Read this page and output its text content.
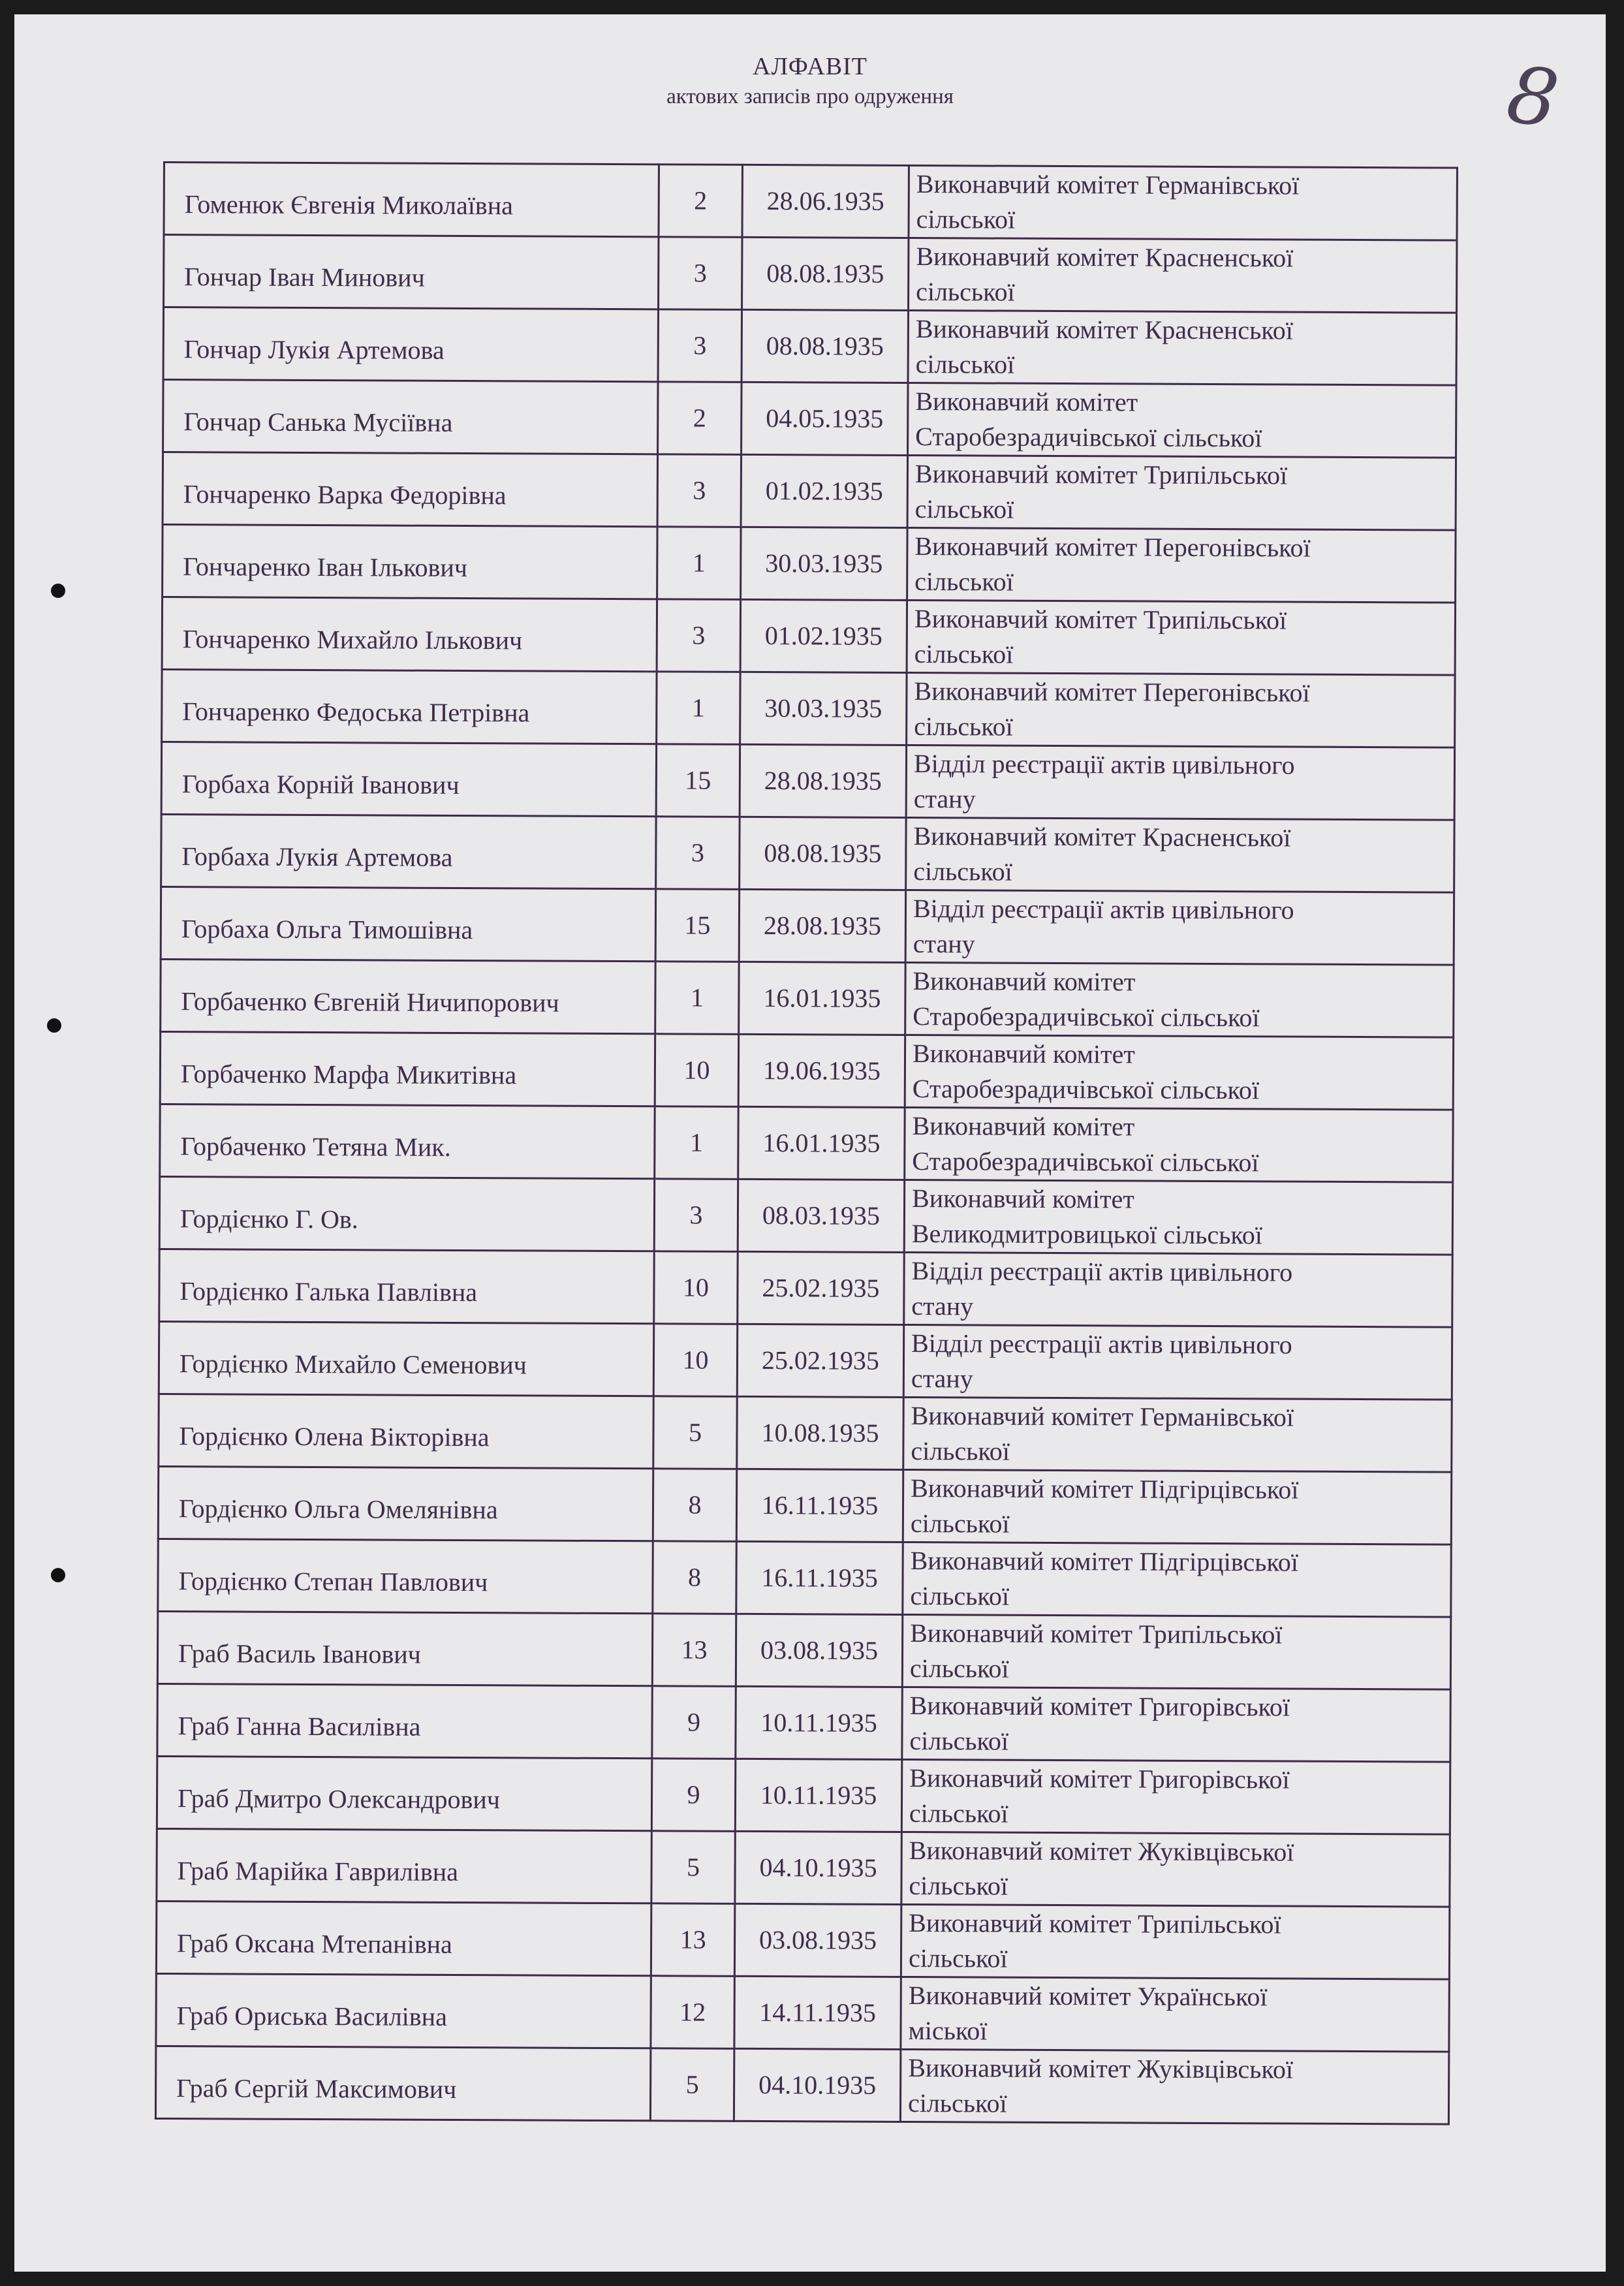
АЛФАВІТ
актових записів про одруження	8
Гоменюк Євгенія Миколаївна	2	28.06.1935	Виконавчий комітет Германівської
сільської
Гончар Іван Минович	3	08.08.1935	Виконавчий комітет Красненської
сільської
Гончар Лукія Артемова	3	08.08.1935	Виконавчий комітет Красненської
сільської
Гончар Санька Мусіївна	2	04.05.1935	Виконавчий комітет
Старобезрадичівської сільської
Гончаренко Варка Федорівна	3	01.02.1935	Виконавчий комітет Трипільської
сільської
Гончаренко Іван Ількович	1	30.03.1935	Виконавчий комітет Перегонівської
сільської
Гончаренко Михайло Ількович	3	01.02.1935	Виконавчий комітет Трипільської
сільської
Гончаренко Федоська Петрівна	1	30.03.1935	Виконавчий комітет Перегонівської
сільської
Горбаха Корній Іванович	15	28.08.1935	Відділ реєстрації актів цивільного
стану
Горбаха Лукія Артемова	3	08.08.1935	Виконавчий комітет Красненської
сільської
Горбаха Ольга Тимошівна	15	28.08.1935	Відділ реєстрації актів цивільного
стану
Горбаченко Євгеній Ничипорович	1	16.01.1935	Виконавчий комітет
Старобезрадичівської сільської
Горбаченко Марфа Микитівна	10	19.06.1935	Виконавчий комітет
Старобезрадичівської сільської
Горбаченко Тетяна Мик.	1	16.01.1935	Виконавчий комітет
Старобезрадичівської сільської
Гордієнко Г. Ов.	3	08.03.1935	Виконавчий комітет
Великодмитровицької сільської
Гордієнко Галька Павлівна	10	25.02.1935	Відділ реєстрації актів цивільного
стану
Гордієнко Михайло Семенович	10	25.02.1935	Відділ реєстрації актів цивільного
стану
Гордієнко Олена Вікторівна	5	10.08.1935	Виконавчий комітет Германівської
сільської
Гордієнко Ольга Омелянівна	8	16.11.1935	Виконавчий комітет Підгірцівської
сільської
Гордієнко Степан Павлович	8	16.11.1935	Виконавчий комітет Підгірцівської
сільської
Граб Василь Іванович	13	03.08.1935	Виконавчий комітет Трипільської
сільської
Граб Ганна Василівна	9	10.11.1935	Виконавчий комітет Григорівської
сільської
Граб Дмитро Олександрович	9	10.11.1935	Виконавчий комітет Григорівської
сільської
Граб Марійка Гаврилівна	5	04.10.1935	Виконавчий комітет Жуківцівської
сільської
Граб Оксана Мтепанівна	13	03.08.1935	Виконавчий комітет Трипільської
сільської
Граб Ориська Василівна	12	14.11.1935	Виконавчий комітет Української
міської
Граб Сергій Максимович	5	04.10.1935	Виконавчий комітет Жуківцівської
сільської
